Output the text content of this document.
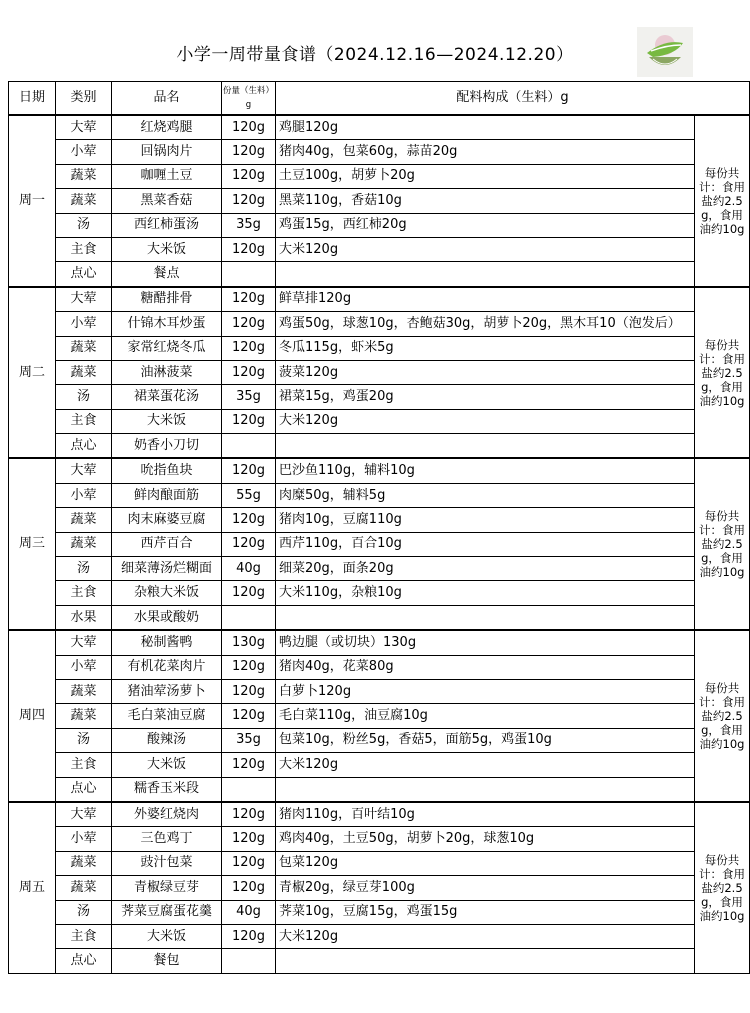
小学一周带量食谱（2024.12.16—2024.12.20）
日期	类别	品名	份量（生料）g	配料构成（生料）g	
周一	大荤	红烧鸡腿	120g	鸡腿120g	每份共计：食用盐约2.5g，食用油约10g
	小荤	回锅肉片	120g	猪肉40g，包菜60g，蒜苗20g	
	蔬菜	咖喱土豆	120g	土豆100g，胡萝卜20g	
	蔬菜	黑菜香菇	120g	黑菜110g，香菇10g	
	汤	西红柿蛋汤	35g	鸡蛋15g，西红柿20g	
	主食	大米饭	120g	大米120g	
	点心	餐点			
周二	大荤	糖醋排骨	120g	鲜草排120g	每份共计：食用盐约2.5g，食用油约10g
	小荤	什锦木耳炒蛋	120g	鸡蛋50g，球葱10g，杏鲍菇30g，胡萝卜20g，黑木耳10（泡发后）	
	蔬菜	家常红烧冬瓜	120g	冬瓜115g，虾米5g	
	蔬菜	油淋菠菜	120g	菠菜120g	
	汤	裙菜蛋花汤	35g	裙菜15g，鸡蛋20g	
	主食	大米饭	120g	大米120g	
	点心	奶香小刀切			
周三	大荤	吮指鱼块	120g	巴沙鱼110g，辅料10g	每份共计：食用盐约2.5g，食用油约10g
	小荤	鲜肉酿面筋	55g	肉糜50g，辅料5g	
	蔬菜	肉末麻婆豆腐	120g	猪肉10g，豆腐110g	
	蔬菜	西芹百合	120g	西芹110g，百合10g	
	汤	细菜薄汤烂糊面	40g	细菜20g，面条20g	
	主食	杂粮大米饭	120g	大米110g，杂粮10g	
	水果	水果或酸奶			
周四	大荤	秘制酱鸭	130g	鸭边腿（或切块）130g	每份共计：食用盐约2.5g，食用油约10g
	小荤	有机花菜肉片	120g	猪肉40g，花菜80g	
	蔬菜	猪油荤汤萝卜	120g	白萝卜120g	
	蔬菜	毛白菜油豆腐	120g	毛白菜110g，油豆腐10g	
	汤	酸辣汤	35g	包菜10g，粉丝5g，香菇5，面筋5g，鸡蛋10g	
	主食	大米饭	120g	大米120g	
	点心	糯香玉米段			
周五	大荤	外婆红烧肉	120g	猪肉110g，百叶结10g	每份共计：食用盐约2.5g，食用油约10g
	小荤	三色鸡丁	120g	鸡肉40g，土豆50g，胡萝卜20g，球葱10g	
	蔬菜	豉汁包菜	120g	包菜120g	
	蔬菜	青椒绿豆芽	120g	青椒20g，绿豆芽100g	
	汤	荠菜豆腐蛋花羹	40g	荠菜10g，豆腐15g，鸡蛋15g	
	主食	大米饭	120g	大米120g	
	点心	餐包			
